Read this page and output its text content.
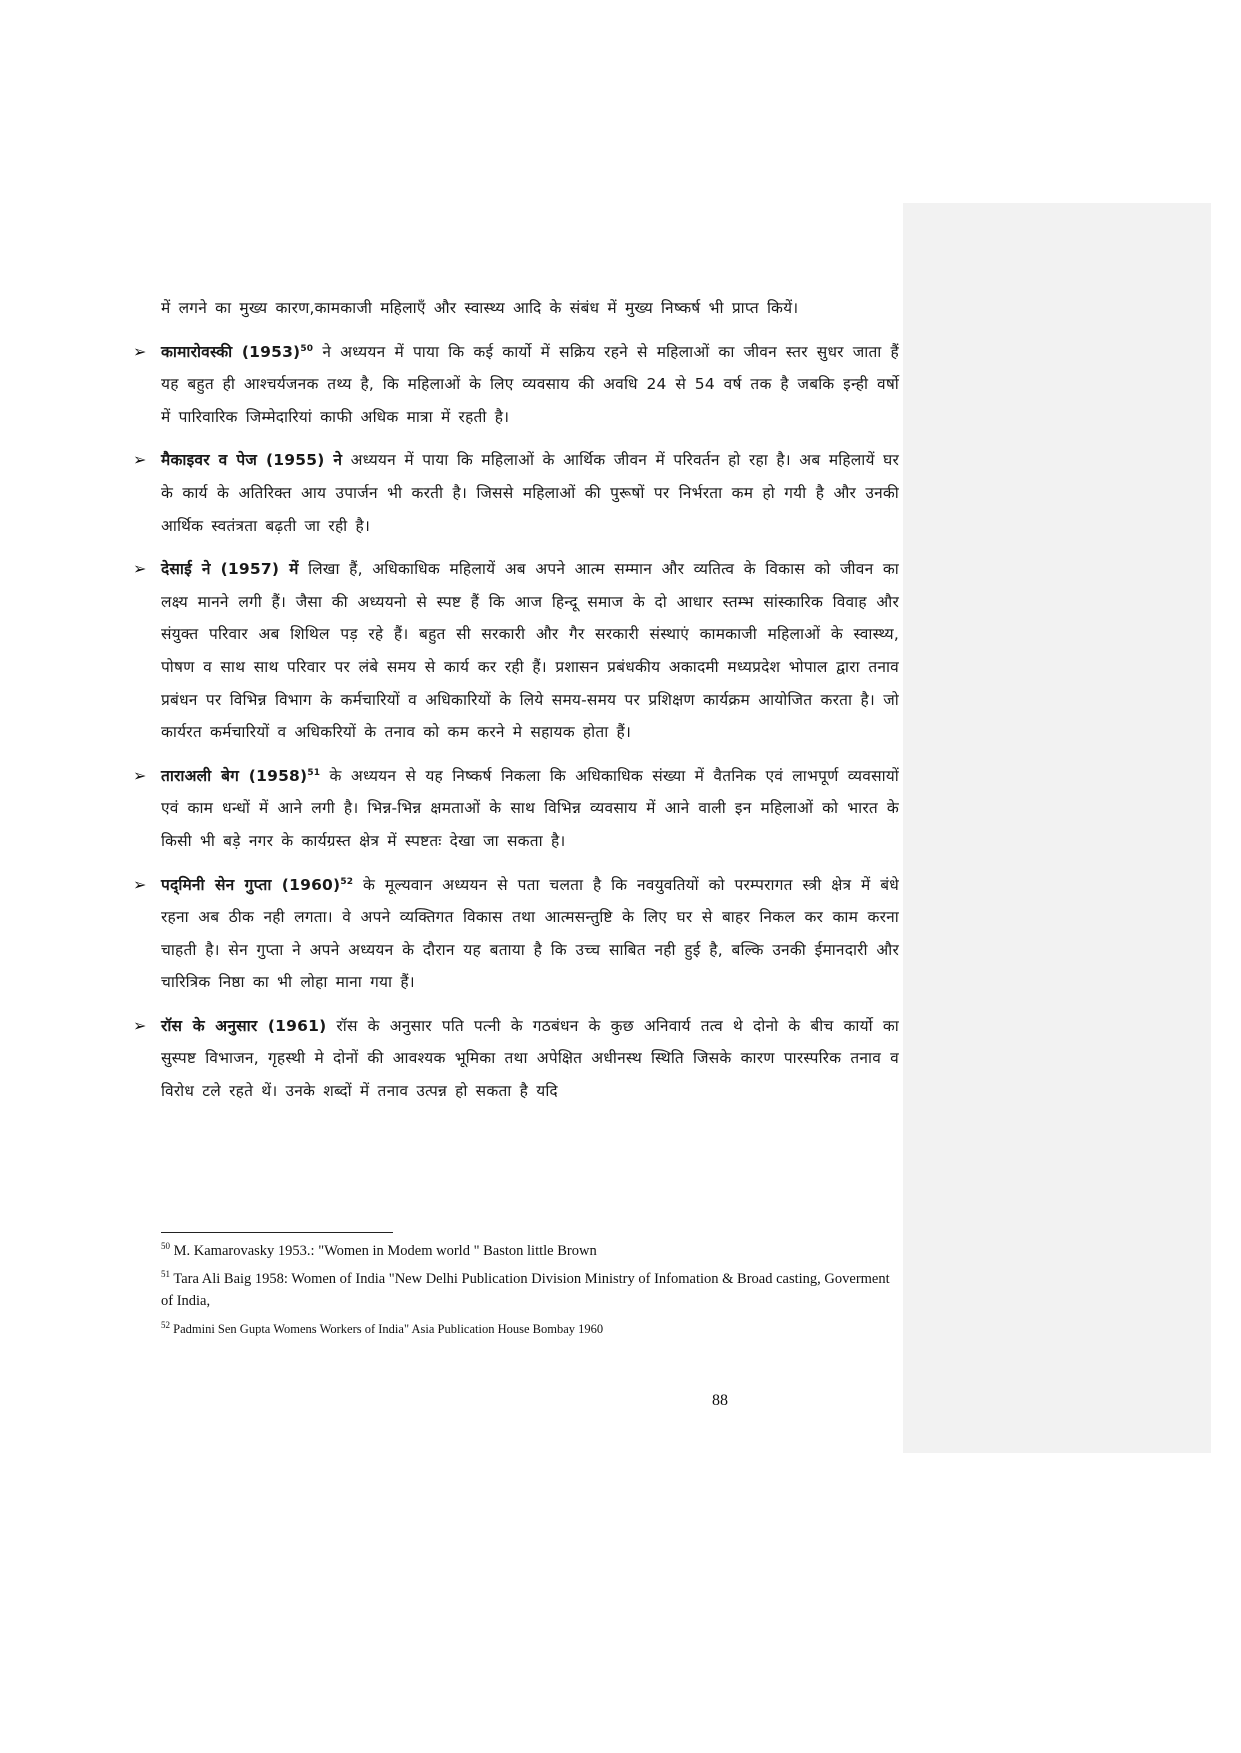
में लगने का मुख्य कारण,कामकाजी महिलाएँ और स्वास्थ्य आदि के संबंध में मुख्य निष्कर्ष भी प्राप्त कियें।
➢ कामारोवस्की $(1953)^{50}$ ने अध्ययन में पाया कि कई कार्यो में सक्रिय रहने से महिलाओं का जीवन स्तर सुधर जाता हैं यह बहुत ही आश्चर्यजनक तथ्य है, कि महिलाओं के लिए व्यवसाय की अवधि 24 से 54 वर्ष तक है जबकि इन्ही वर्षो में पारिवारिक जिम्मेदारियां काफी अधिक मात्रा में रहती है।
➢ मैकाइवर व पेज (1955) ने अध्ययन में पाया कि महिलाओं के आर्थिक जीवन में परिवर्तन हो रहा है। अब महिलायें घर के कार्य के अतिरिक्त आय उपार्जन भी करती है। जिससे महिलाओं की पुरूषों पर निर्भरता कम हो गयी है और उनकी आर्थिक स्वतंत्रता बढ़ती जा रही है।
➢ देसाई ने (1957) में लिखा हैं, अधिकाधिक महिलायें अब अपने आत्म सम्मान और व्यतित्व के विकास को जीवन का लक्ष्य मानने लगी हैं। जैसा की अध्ययनो से स्पष्ट हैं कि आज हिन्दू समाज के दो आधार स्तम्भ सांस्कारिक विवाह और संयुक्त परिवार अब शिथिल पड़ रहे हैं। बहुत सी सरकारी और गैर सरकारी संस्थाएं कामकाजी महिलाओं के स्वास्थ्य, पोषण व साथ साथ परिवार पर लंबे समय से कार्य कर रही हैं। प्रशासन प्रबंधकीय अकादमी मध्यप्रदेश भोपाल द्वारा तनाव प्रबंधन पर विभिन्न विभाग के कर्मचारियों व अधिकारियों के लिये समय-समय पर प्रशिक्षण कार्यक्रम आयोजित करता है। जो कार्यरत कर्मचारियों व अधिकरियों के तनाव को कम करने मे सहायक होता हैं।
➢ ताराअली बेग $(1958)^{51}$ के अध्ययन से यह निष्कर्ष निकला कि अधिकाधिक संख्या में वैतनिक एवं लाभपूर्ण व्यवसायों एवं काम धन्धों में आने लगी है। भिन्न-भिन्न क्षमताओं के साथ विभिन्न व्यवसाय में आने वाली इन महिलाओं को भारत के किसी भी बड़े नगर के कार्यग्रस्त क्षेत्र में स्पष्टतः देखा जा सकता है।
➢ पद्‌मिनी सेन गुप्ता $(1960)^{52}$ के मूल्यवान अध्ययन से पता चलता है कि नवयुवतियों को परम्परागत स्त्री क्षेत्र में बंधे रहना अब ठीक नही लगता। वे अपने व्यक्तिगत विकास तथा आत्मसन्तुष्टि के लिए घर से बाहर निकल कर काम करना चाहती है। सेन गुप्ता ने अपने अध्ययन के दौरान यह बताया है कि उच्च साबित नही हुई है, बल्कि उनकी ईमानदारी और चारित्रिक निष्ठा का भी लोहा माना गया हैं।
➢ रॉस के अनुसार (1961) रॉस के अनुसार पति पत्नी के गठबंधन के कुछ अनिवार्य तत्व थे दोनो के बीच कार्यो का सुस्पष्ट विभाजन, गृहस्थी मे दोनों की आवश्यक भूमिका तथा अपेक्षित अधीनस्थ स्थिति जिसके कारण पारस्परिक तनाव व विरोध टले रहते थें। उनके शब्दों में तनाव उत्पन्न हो सकता है यदि
$^{50}$ M. Kamarovasky 1953.: "Women in Modem world " Baston little Brown
$^{51}$ Tara Ali Baig 1958: Women of India "New Delhi Publication Division Ministry of Infomation & Broad casting, Goverment of India,
$^{52}$ Padmini Sen Gupta Womens Workers of India" Asia Publication House Bombay 1960
88
